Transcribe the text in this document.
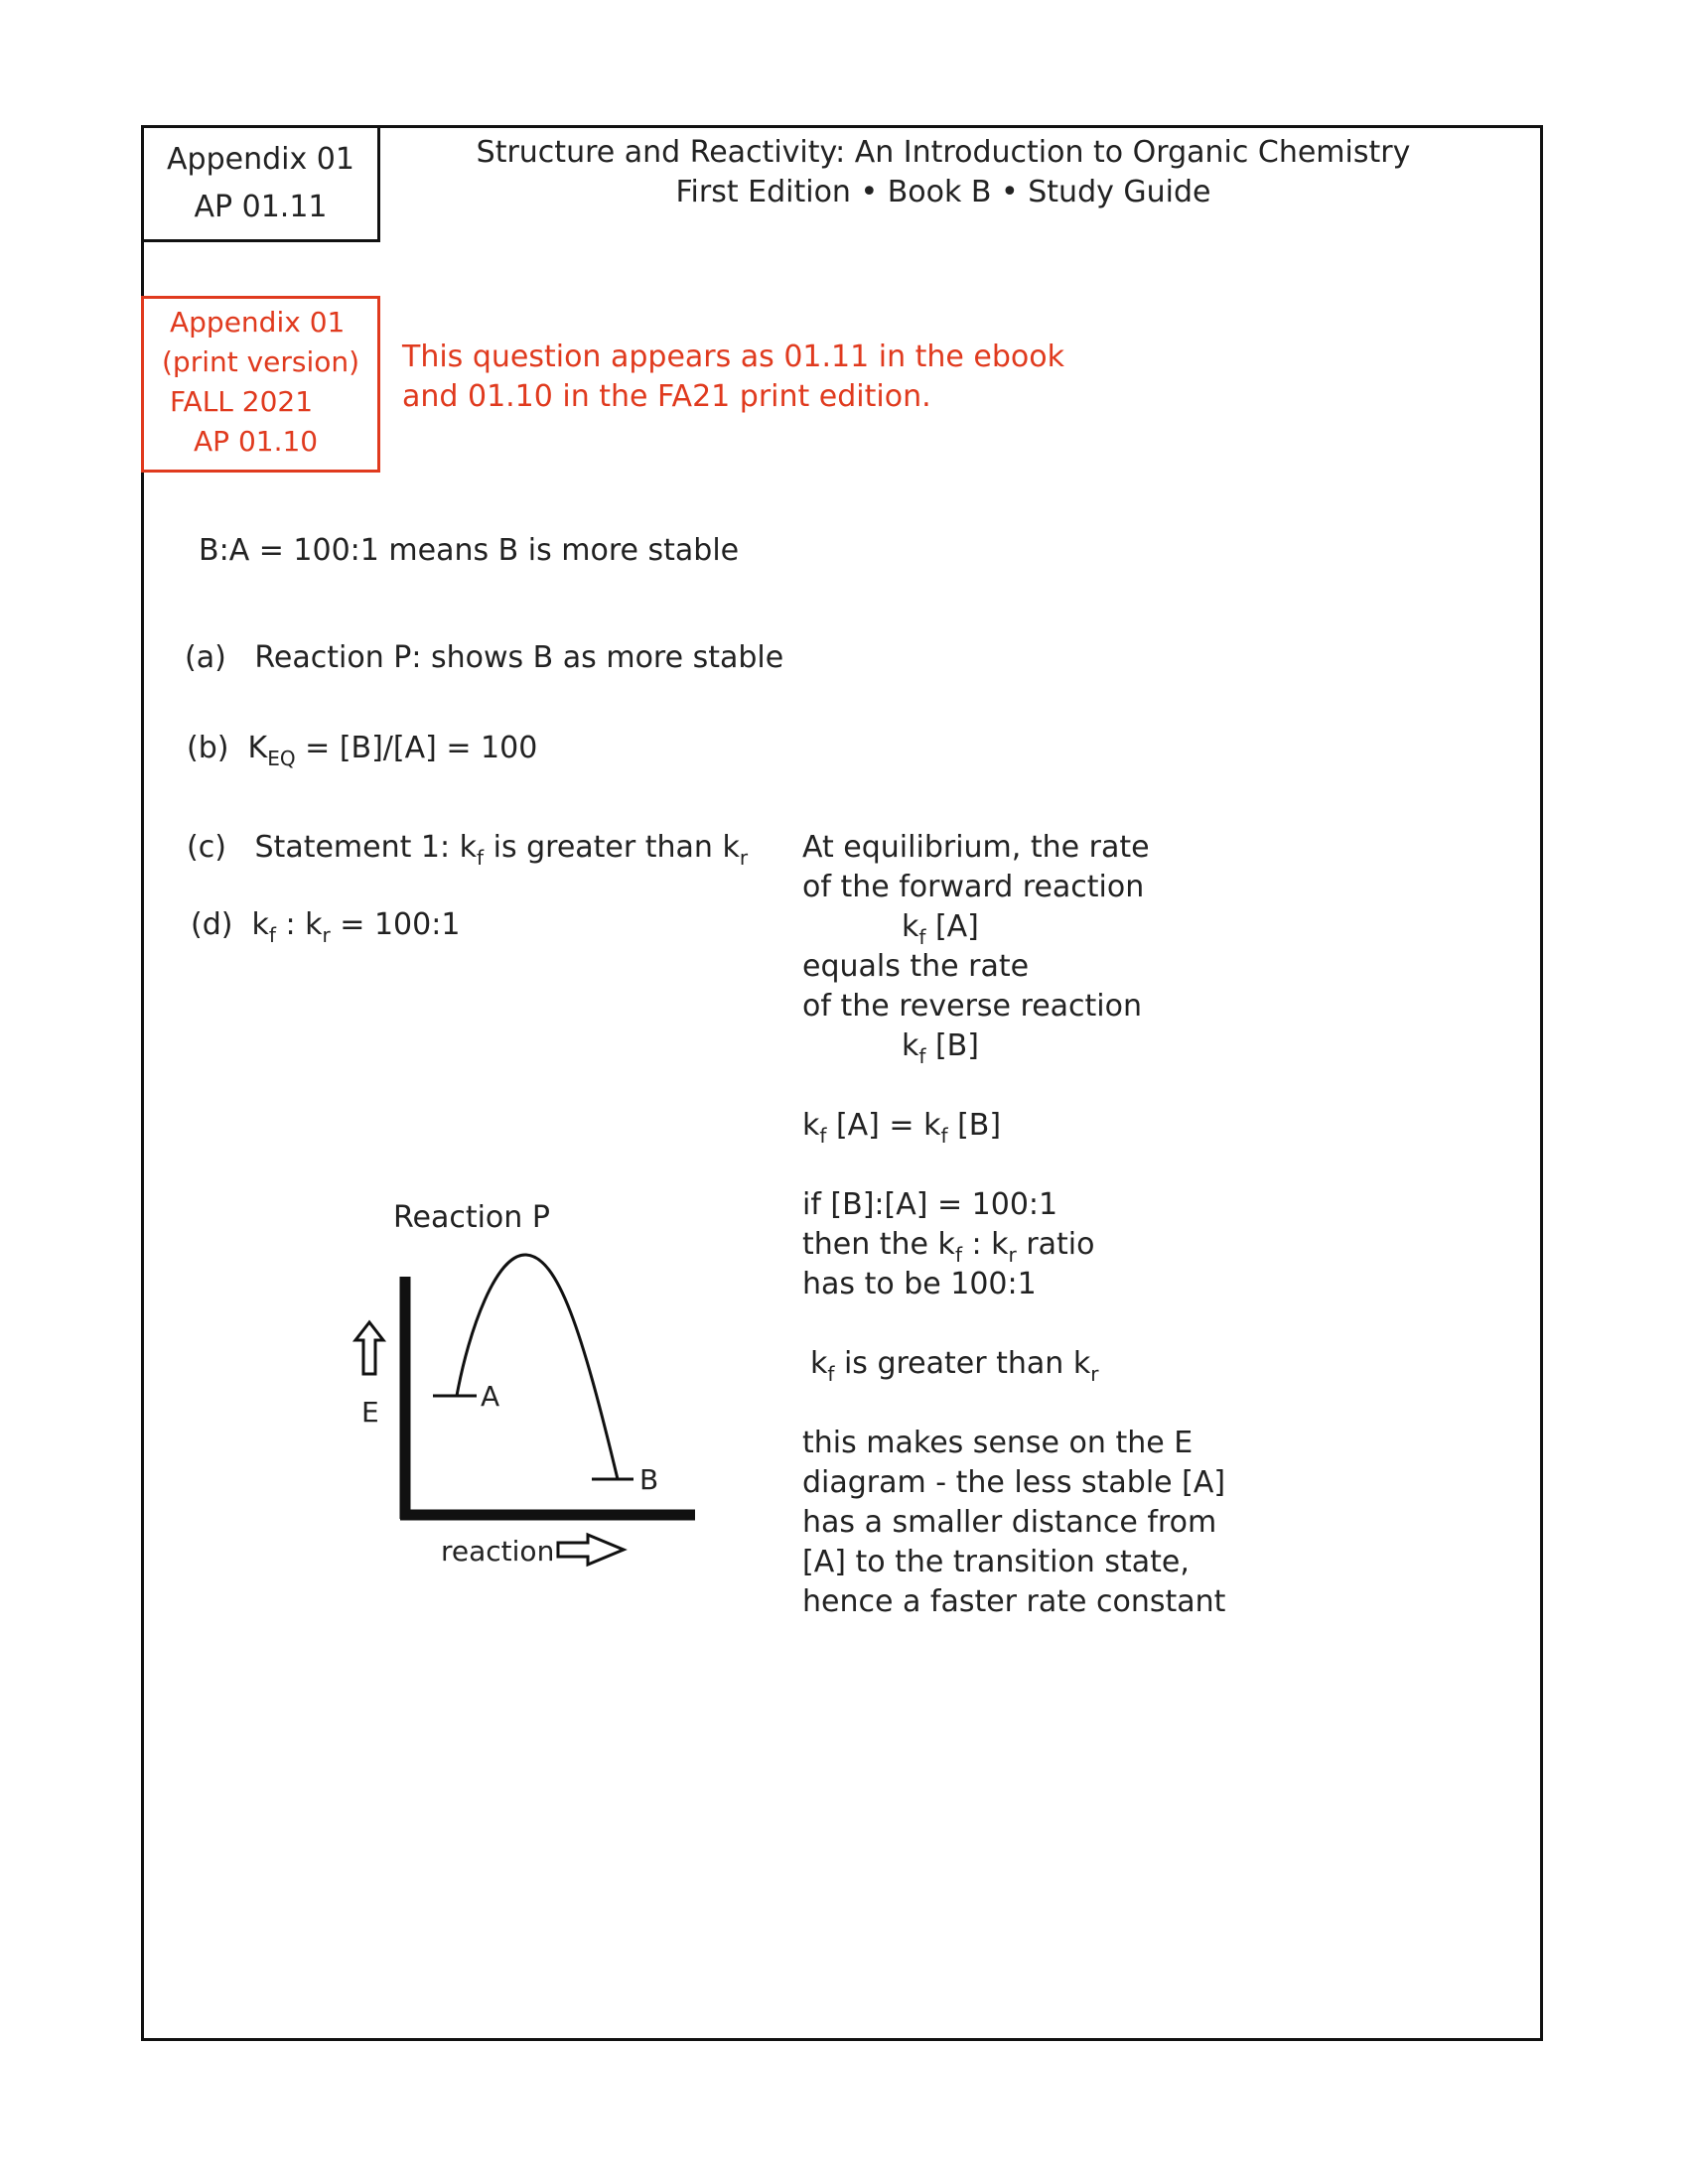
Appendix 01
AP 01.11
Structure and Reactivity: An Introduction to Organic Chemistry
First Edition • Book B • Study Guide
Appendix 01
(print version)
FALL 2021
AP 01.10
This question appears as 01.11 in the ebook
and 01.10 in the FA21 print edition.
B:A = 100:1 means B is more stable
(a) Reaction P: shows B as more stable
(b) $K_{EQ} = [B]/[A] = 100$
(c) Statement 1: $k_f$ is greater than $k_r$
(d) $k_f$ : $k_r$ = 100:1
At equilibrium, the rate
of the forward reaction
$k_f$ [A]
equals the rate
of the reverse reaction
$k_f$ [B]
$k_f$ $[A] = k_f$ [B]
if [B]:[A] = 100:1
then the $k_f$ : $k_r$ ratio
has to be 100:1
$k_f$ is greater than $k_r$
this makes sense on the E
diagram - the less stable [A]
has a smaller distance from
[A] to the transition state,
hence a faster rate constant
Reaction P
A
B
E
reaction
